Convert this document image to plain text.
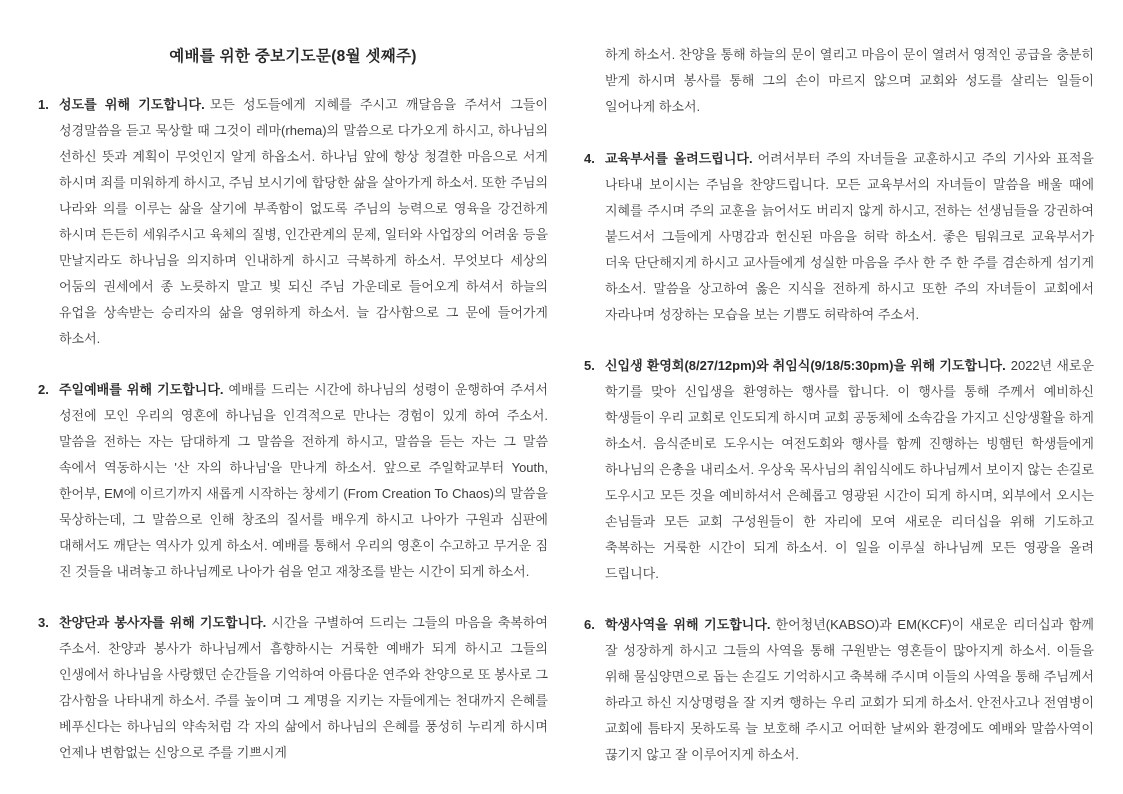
예배를 위한 중보기도문(8월 셋째주)
1. 성도를 위해 기도합니다. 모든 성도들에게 지혜를 주시고 깨달음을 주셔서 그들이 성경말씀을 듣고 묵상할 때 그것이 레마(rhema)의 말씀으로 다가오게 하시고, 하나님의 선하신 뜻과 계획이 무엇인지 알게 하옵소서. 하나님 앞에 항상 청결한 마음으로 서게 하시며 죄를 미워하게 하시고, 주님 보시기에 합당한 삶을 살아가게 하소서. 또한 주님의 나라와 의를 이루는 삶을 살기에 부족함이 없도록 주님의 능력으로 영육을 강건하게 하시며 든든히 세워주시고 육체의 질병, 인간관계의 문제, 일터와 사업장의 어려움 등을 만날지라도 하나님을 의지하며 인내하게 하시고 극복하게 하소서. 무엇보다 세상의 어둠의 권세에서 종 노릇하지 말고 빛 되신 주님 가운데로 들어오게 하셔서 하늘의 유업을 상속받는 승리자의 삶을 영위하게 하소서. 늘 감사함으로 그 문에 들어가게 하소서.

2. 주일예배를 위해 기도합니다. 예배를 드리는 시간에 하나님의 성령이 운행하여 주셔서 성전에 모인 우리의 영혼에 하나님을 인격적으로 만나는 경험이 있게 하여 주소서. 말씀을 전하는 자는 담대하게 그 말씀을 전하게 하시고, 말씀을 듣는 자는 그 말씀 속에서 역동하시는 '산 자의 하나님'을 만나게 하소서. 앞으로 주일학교부터 Youth, 한어부, EM에 이르기까지 새롭게 시작하는 창세기 (From Creation To Chaos)의 말씀을 묵상하는데, 그 말씀으로 인해 창조의 질서를 배우게 하시고 나아가 구원과 심판에 대해서도 깨닫는 역사가 있게 하소서. 예배를 통해서 우리의 영혼이 수고하고 무거운 짐 진 것들을 내려놓고 하나님께로 나아가 쉼을 얻고 재창조를 받는 시간이 되게 하소서.

3. 찬양단과 봉사자를 위해 기도합니다. 시간을 구별하여 드리는 그들의 마음을 축복하여 주소서. 찬양과 봉사가 하나님께서 흠향하시는 거룩한 예배가 되게 하시고 그들의 인생에서 하나님을 사랑했던 순간들을 기억하여 아름다운 연주와 찬양으로 또 봉사로 그 감사함을 나타내게 하소서. 주를 높이며 그 계명을 지키는 자들에게는 천대까지 은혜를 베푸신다는 하나님의 약속처럼 각 자의 삶에서 하나님의 은혜를 풍성히 누리게 하시며 언제나 변함없는 신앙으로 주를 기쁘시게

하게 하소서. 찬양을 통해 하늘의 문이 열리고 마음이 문이 열려서 영적인 공급을 충분히 받게 하시며 봉사를 통해 그의 손이 마르지 않으며 교회와 성도를 살리는 일들이 일어나게 하소서.

4. 교육부서를 올려드립니다. 어려서부터 주의 자녀들을 교훈하시고 주의 기사와 표적을 나타내 보이시는 주님을 찬양드립니다. 모든 교육부서의 자녀들이 말씀을 배울 때에 지혜를 주시며 주의 교훈을 늙어서도 버리지 않게 하시고, 전하는 선생님들을 강권하여 붙드셔서 그들에게 사명감과 헌신된 마음을 허락 하소서. 좋은 팀워크로 교육부서가 더욱 단단해지게 하시고 교사들에게 성실한 마음을 주사 한 주 한 주를 겸손하게 섬기게 하소서. 말씀을 상고하여 옳은 지식을 전하게 하시고 또한 주의 자녀들이 교회에서 자라나며 성장하는 모습을 보는 기쁨도 허락하여 주소서.

5. 신입생 환영회(8/27/12pm)와 취임식(9/18/5:30pm)을 위해 기도합니다. 2022년 새로운 학기를 맞아 신입생을 환영하는 행사를 합니다. 이 행사를 통해 주께서 예비하신 학생들이 우리 교회로 인도되게 하시며 교회 공동체에 소속감을 가지고 신앙생활을 하게 하소서. 음식준비로 도우시는 여전도회와 행사를 함께 진행하는 빙햄턴 학생들에게 하나님의 은총을 내리소서. 우상욱 목사님의 취임식에도 하나님께서 보이지 않는 손길로 도우시고 모든 것을 예비하셔서 은혜롭고 영광된 시간이 되게 하시며, 외부에서 오시는 손님들과 모든 교회 구성원들이 한 자리에 모여 새로운 리더십을 위해 기도하고 축복하는 거룩한 시간이 되게 하소서. 이 일을 이루실 하나님께 모든 영광을 올려 드립니다.

6. 학생사역을 위해 기도합니다. 한어청년(KABSO)과 EM(KCF)이 새로운 리더십과 함께 잘 성장하게 하시고 그들의 사역을 통해 구원받는 영혼들이 많아지게 하소서. 이들을 위해 물심양면으로 돕는 손길도 기억하시고 축복해 주시며 이들의 사역을 통해 주님께서 하라고 하신 지상명령을 잘 지켜 행하는 우리 교회가 되게 하소서. 안전사고나 전염병이 교회에 틈타지 못하도록 늘 보호해 주시고 어떠한 날씨와 환경에도 예배와 말씀사역이 끊기지 않고 잘 이루어지게 하소서.
